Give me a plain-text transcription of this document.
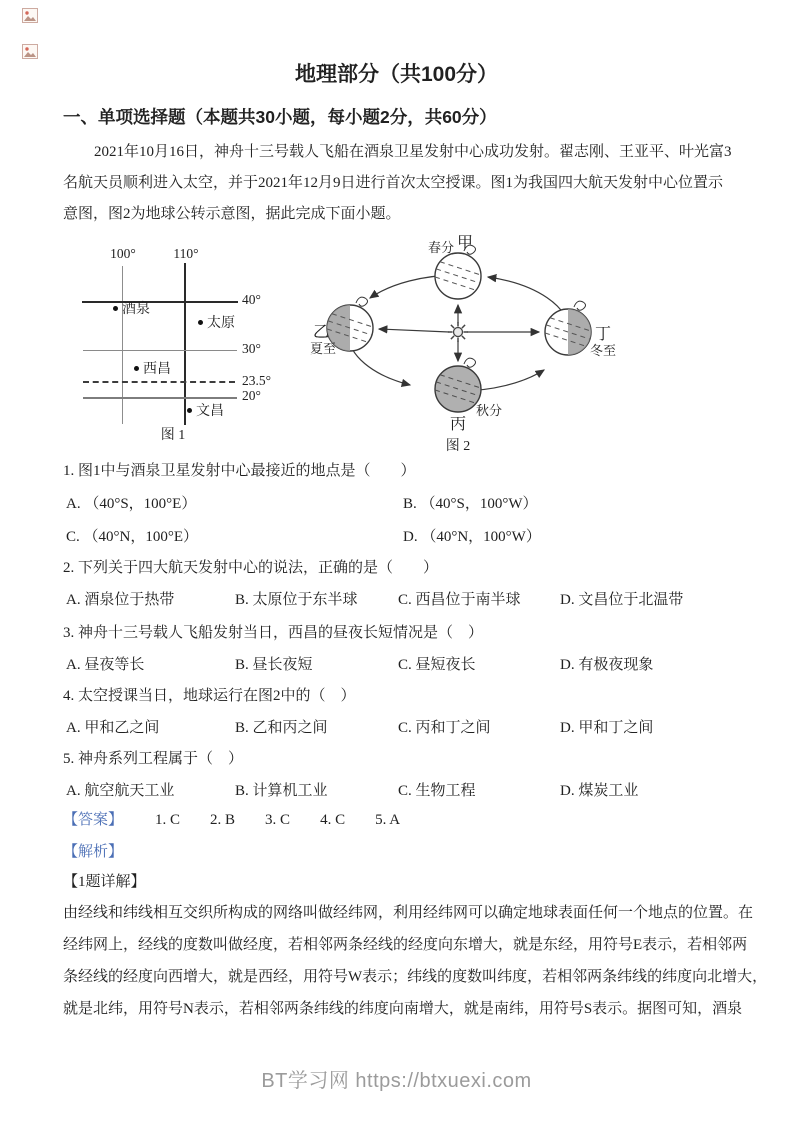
地理部分（共100分）
一、单项选择题（本题共30小题，每小题2分，共60分）
2021年10月16日，神舟十三号载人飞船在酒泉卫星发射中心成功发射。翟志刚、王亚平、叶光富3
名航天员顺利进入太空，并于2021年12月9日进行首次太空授课。图1为我国四大航天发射中心位置示
意图，图2为地球公转示意图，据此完成下面小题。
100°	110°
40°
30°
23.5°
20°
酒泉
太原
西昌
文昌
图 1
春分 甲
乙
夏至
丁
冬至
丙
秋分
图 2
1. 图1中与酒泉卫星发射中心最接近的地点是（　　）
A. （40°S，100°E）	B. （40°S，100°W）
C. （40°N，100°E）	D. （40°N，100°W）
2. 下列关于四大航天发射中心的说法，正确的是（　　）
A. 酒泉位于热带	B. 太原位于东半球	C. 西昌位于南半球	D. 文昌位于北温带
3. 神舟十三号载人飞船发射当日，西昌的昼夜长短情况是（　）
A. 昼夜等长	B. 昼长夜短	C. 昼短夜长	D. 有极夜现象
4. 太空授课当日，地球运行在图2中的（　）
A. 甲和乙之间	B. 乙和丙之间	C. 丙和丁之间	D. 甲和丁之间
5. 神舟系列工程属于（　）
A. 航空航天工业	B. 计算机工业	C. 生物工程	D. 煤炭工业
【答案】 1. C 2. B 3. C 4. C 5. A
【解析】
【1题详解】
由经线和纬线相互交织所构成的网络叫做经纬网，利用经纬网可以确定地球表面任何一个地点的位置。在
经纬网上，经线的度数叫做经度，若相邻两条经线的经度向东增大，就是东经，用符号E表示，若相邻两
条经线的经度向西增大，就是西经，用符号W表示；纬线的度数叫纬度，若相邻两条纬线的纬度向北增大，
就是北纬，用符号N表示，若相邻两条纬线的纬度向南增大，就是南纬，用符号S表示。据图可知，酒泉
BT学习网 https://btxuexi.com
